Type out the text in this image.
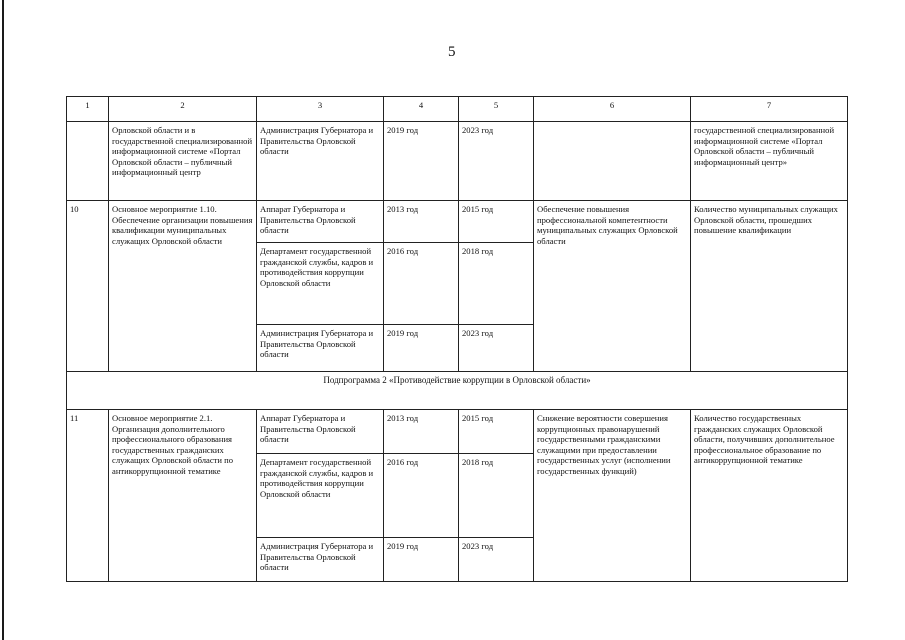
5
1	2	3	4	5	6	7
	Орловской области и в государственной специализированной информационной системе «Портал Орловской области – публичный информационный центр	Администрация Губернатора и Правительства Орловской области	2019 год	2023 год		государственной специализированной информационной системе «Портал Орловской области – публичный информационный центр»
10	Основное мероприятие 1.10. Обеспечение организации повышения квалификации муниципальных служащих Орловской области	Аппарат Губернатора и Правительства Орловской области	2013 год	2015 год	Обеспечение повышения профессиональной компетентности муниципальных служащих Орловской области	Количество муниципальных служащих Орловской области, прошедших повышение квалификации
		Департамент государственной гражданской службы, кадров и противодействия коррупции Орловской области	2016 год	2018 год		
		Администрация Губернатора и Правительства Орловской области	2019 год	2023 год		
Подпрограмма 2 «Противодействие коррупции в Орловской области»						
11	Основное мероприятие 2.1. Организация дополнительного профессионального образования государственных гражданских служащих Орловской области по антикоррупционной тематике	Аппарат Губернатора и Правительства Орловской области	2013 год	2015 год	Снижение вероятности совершения коррупционных правонарушений государственными гражданскими служащими при предоставлении государственных услуг (исполнении государственных функций)	Количество государственных гражданских служащих Орловской области, получивших дополнительное профессиональное образование по антикоррупционной тематике
		Департамент государственной гражданской службы, кадров и противодействия коррупции Орловской области	2016 год	2018 год		
		Администрация Губернатора и Правительства Орловской области	2019 год	2023 год		
